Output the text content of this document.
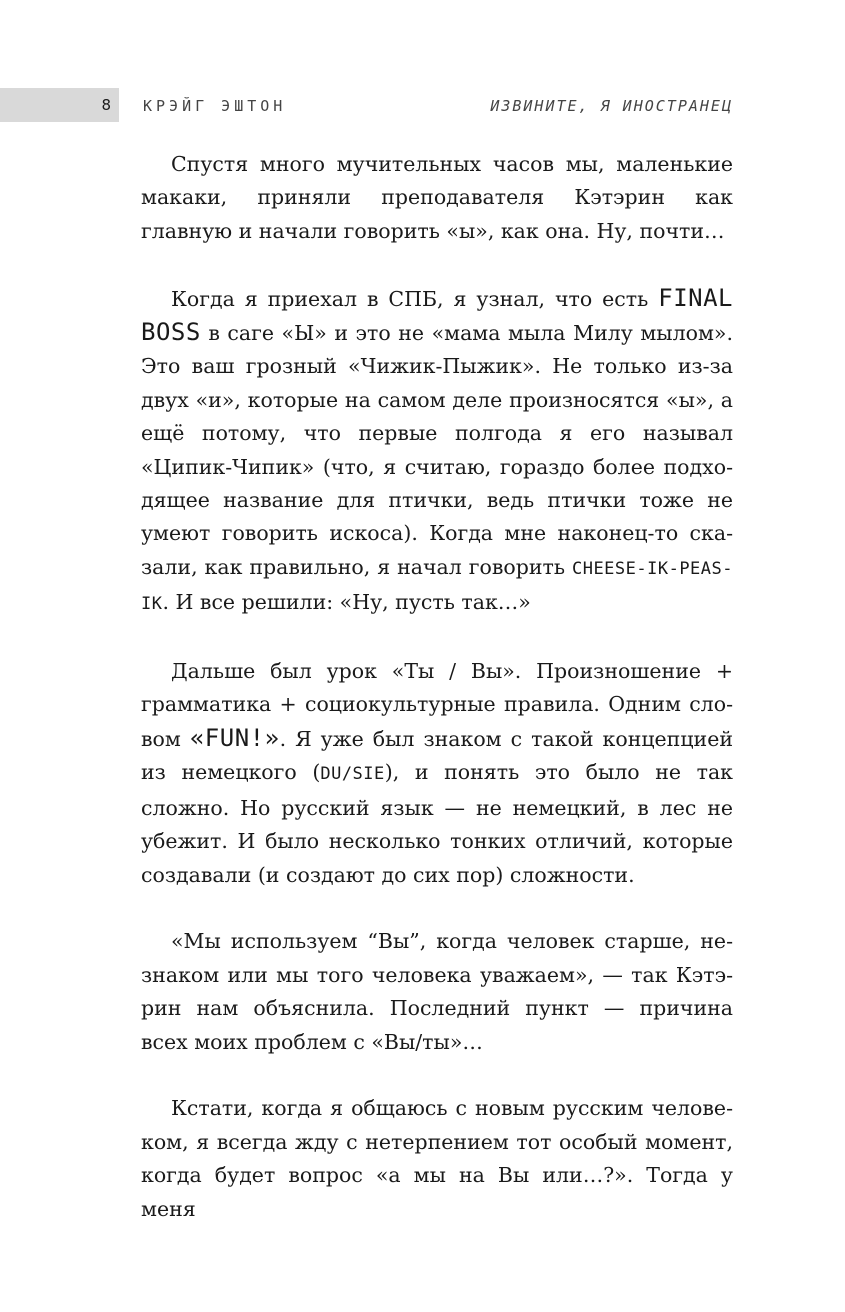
8 КРЭЙГ ЭШТОН	ИЗВИНИТЕ, Я ИНОСТРАНЕЦ

Спустя много мучительных часов мы, маленькие макаки, приняли преподавателя Кэтэрин как главную и начали говорить «ы», как она. Ну, почти…

Когда я приехал в СПБ, я узнал, что есть FINAL BOSS в саге «Ы» и это не «мама мыла Милу мылом». Это ваш грозный «Чижик-Пыжик». Не только из-за двух «и», которые на самом деле произносятся «ы», а ещё потому, что первые полгода я его называл «Ципик-Чипик» (что, я считаю, гораздо более подходящее название для птички, ведь птички тоже не умеют говорить искоса). Когда мне наконец-то сказали, как правильно, я начал говорить CHEESE-IK-PEAS-IK. И все решили: «Ну, пусть так…»

Дальше был урок «Ты / Вы». Произношение + грамматика + социокультурные правила. Одним словом «FUN!». Я уже был знаком с такой концепцией из немецкого (DU/SIE), и понять это было не так сложно. Но русский язык — не немецкий, в лес не убежит. И было несколько тонких отличий, которые создавали (и создают до сих пор) сложности.

«Мы используем “Вы”, когда человек старше, незнаком или мы того человека уважаем», — так Кэтэрин нам объяснила. Последний пункт — причина всех моих проблем с «Вы/ты»…

Кстати, когда я общаюсь с новым русским человеком, я всегда жду с нетерпением тот особый момент, когда будет вопрос «а мы на Вы или…?». Тогда у меня
